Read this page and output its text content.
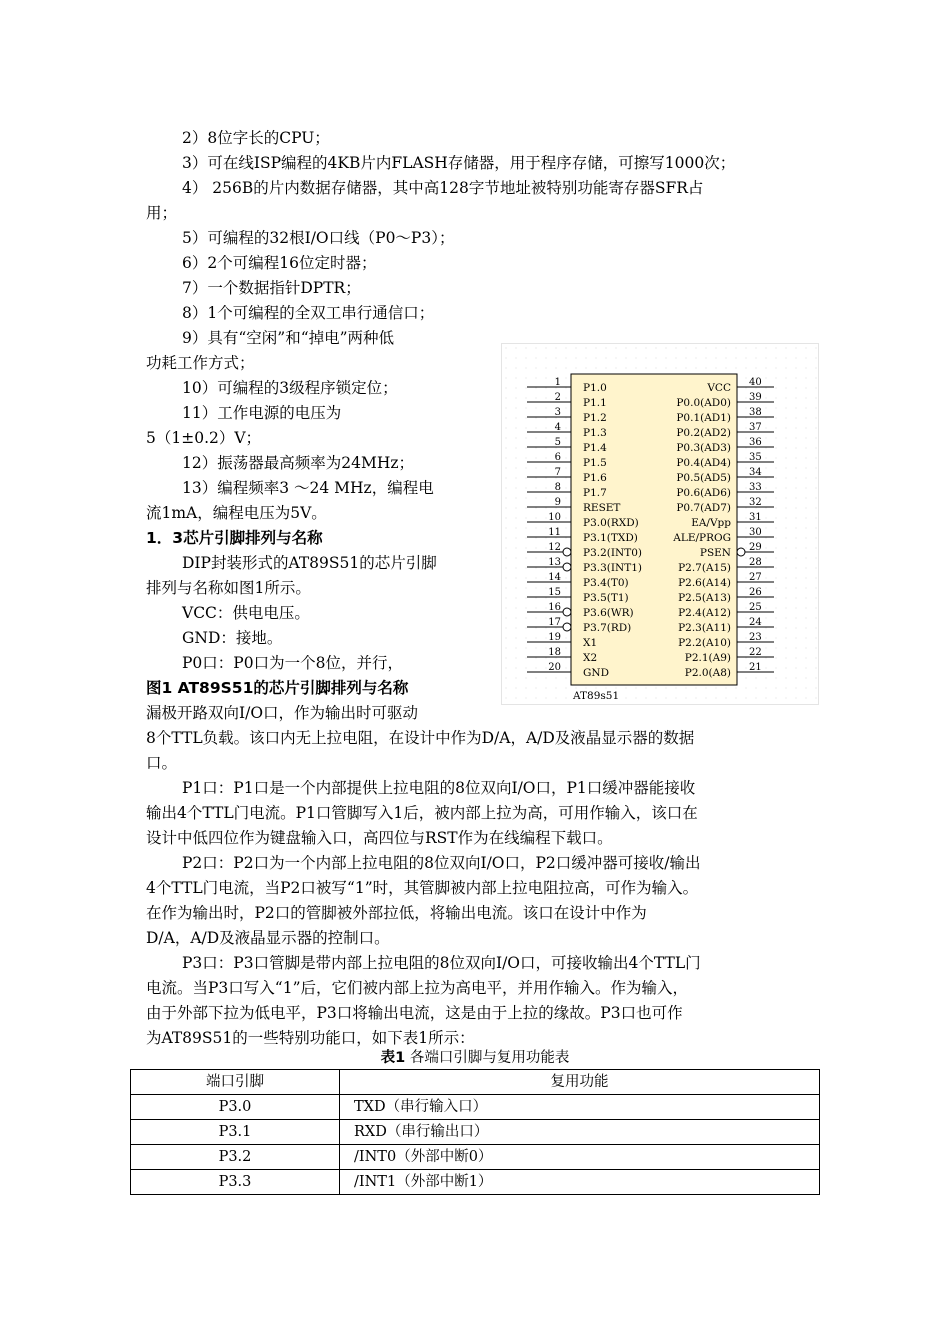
2）8位字长的CPU；
3）可在线ISP编程的4KB片内FLASH存储器，用于程序存储，可擦写1000次；
4） 256B的片内数据存储器，其中高128字节地址被特别功能寄存器SFR占
用；
5）可编程的32根I/O口线（P0～P3）；
6）2个可编程16位定时器；
7）一个数据指针DPTR；
8）1个可编程的全双工串行通信口；
9）具有“空闲”和“掉电”两种低
功耗工作方式；
10）可编程的3级程序锁定位；
11）工作电源的电压为
5（1±0.2）V；
12）振荡器最高频率为24MHz；
13）编程频率3 ～24 MHz，编程电
流1mA，编程电压为5V。
1．3芯片引脚排列与名称
DIP封装形式的AT89S51的芯片引脚
排列与名称如图1所示。
VCC：供电电压。
GND：接地。
P0口：P0口为一个8位，并行，
图1 AT89S51的芯片引脚排列与名称
漏极开路双向I/O口，作为输出时可驱动
8个TTL负载。该口内无上拉电阻，在设计中作为D/A，A/D及液晶显示器的数据
口。
P1口：P1口是一个内部提供上拉电阻的8位双向I/O口，P1口缓冲器能接收
输出4个TTL门电流。P1口管脚写入1后，被内部上拉为高，可用作输入，该口在
设计中低四位作为键盘输入口，高四位与RST作为在线编程下载口。
P2口：P2口为一个内部上拉电阻的8位双向I/O口，P2口缓冲器可接收/输出
4个TTL门电流，当P2口被写“1”时，其管脚被内部上拉电阻拉高，可作为输入。
在作为输出时，P2口的管脚被外部拉低，将输出电流。该口在设计中作为
D/A，A/D及液晶显示器的控制口。
P3口：P3口管脚是带内部上拉电阻的8位双向I/O口，可接收输出4个TTL门
电流。当P3口写入“1”后，它们被内部上拉为高电平，并用作输入。作为输入，
由于外部下拉为低电平，P3口将输出电流，这是由于上拉的缘故。P3口也可作
为AT89S51的一些特别功能口，如下表1所示：
1 P1.0
2 P1.1
3 P1.2
4 P1.3
5 P1.4
6 P1.5
7 P1.6
8 P1.7
9 RESET
10 P3.0(RXD)
11 P3.1(TXD)
12 P3.2(INT0)
13 P3.3(INT1)
14 P3.4(T0)
15 P3.5(T1)
16 P3.6(WR)
17 P3.7(RD)
19 X1
18 X2
20 GND
40
VCC
39
P0.0(AD0)
38
P0.1(AD1)
37
P0.2(AD2)
36
P0.3(AD3)
35
P0.4(AD4)
34
P0.5(AD5)
33
P0.6(AD6)
32
P0.7(AD7)
31
EA/Vpp
30
ALE/PROG
29
PSEN
28
P2.7(A15)
27
P2.6(A14)
26
P2.5(A13)
25
P2.4(A12)
24
P2.3(A11)
23
P2.2(A10)
22
P2.1(A9)
21
P2.0(A8)
AT89s51
表1 各端口引脚与复用功能表
端口引脚	复用功能
P3.0	TXD（串行输入口）
P3.1	RXD（串行输出口）
P3.2	/INT0（外部中断0）
P3.3	/INT1（外部中断1）
